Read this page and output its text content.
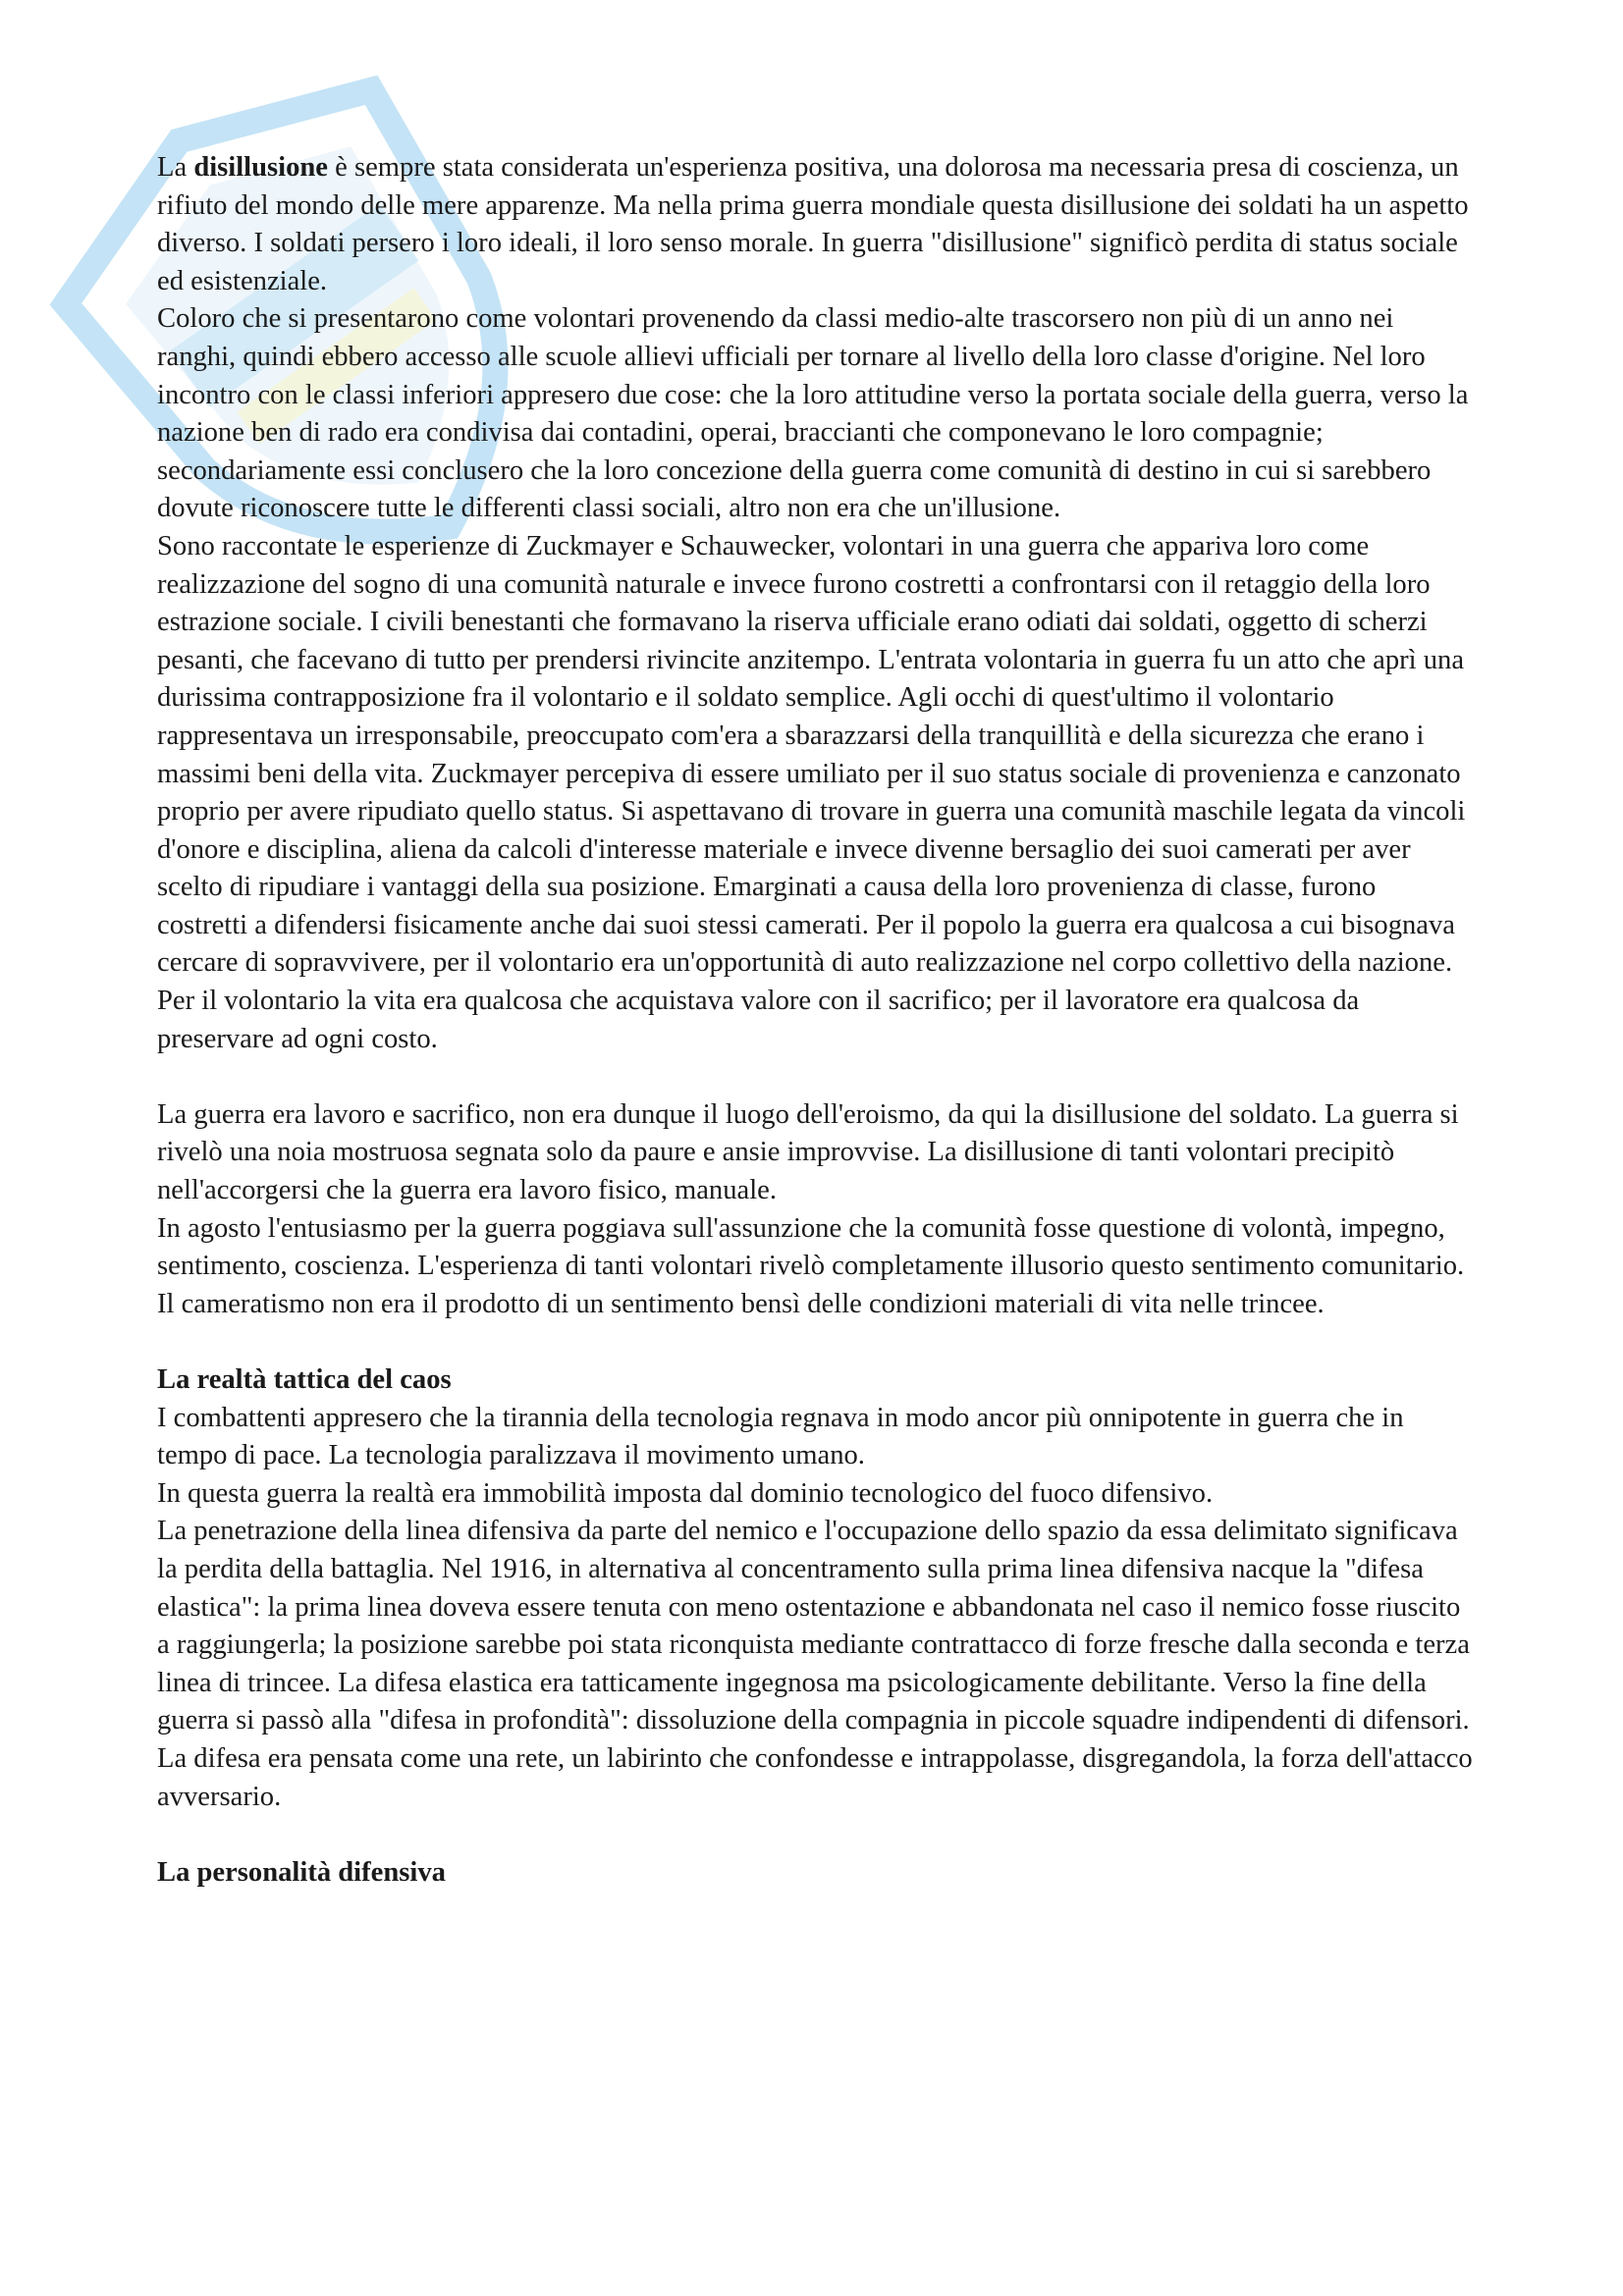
La disillusione è sempre stata considerata un'esperienza positiva, una dolorosa ma necessaria presa di coscienza, un rifiuto del mondo delle mere apparenze. Ma nella prima guerra mondiale questa disillusione dei soldati ha un aspetto diverso. I soldati persero i loro ideali, il loro senso morale. In guerra "disillusione" significò perdita di status sociale ed esistenziale.

Coloro che si presentarono come volontari provenendo da classi medio-alte trascorsero non più di un anno nei ranghi, quindi ebbero accesso alle scuole allievi ufficiali per tornare al livello della loro classe d'origine. Nel loro incontro con le classi inferiori appresero due cose: che la loro attitudine verso la portata sociale della guerra, verso la nazione ben di rado era condivisa dai contadini, operai, braccianti che componevano le loro compagnie; secondariamente essi conclusero che la loro concezione della guerra come comunità di destino in cui si sarebbero dovute riconoscere tutte le differenti classi sociali, altro non era che un'illusione.

Sono raccontate le esperienze di Zuckmayer e Schauwecker, volontari in una guerra che appariva loro come realizzazione del sogno di una comunità naturale e invece furono costretti a confrontarsi con il retaggio della loro estrazione sociale. I civili benestanti che formavano la riserva ufficiale erano odiati dai soldati, oggetto di scherzi pesanti, che facevano di tutto per prendersi rivincite anzitempo. L'entrata volontaria in guerra fu un atto che aprì una durissima contrapposizione fra il volontario e il soldato semplice. Agli occhi di quest'ultimo il volontario rappresentava un irresponsabile, preoccupato com'era a sbarazzarsi della tranquillità e della sicurezza che erano i massimi beni della vita. Zuckmayer percepiva di essere umiliato per il suo status sociale di provenienza e canzonato proprio per avere ripudiato quello status. Si aspettavano di trovare in guerra una comunità maschile legata da vincoli d'onore e disciplina, aliena da calcoli d'interesse materiale e invece divenne bersaglio dei suoi camerati per aver scelto di ripudiare i vantaggi della sua posizione. Emarginati a causa della loro provenienza di classe, furono costretti a difendersi fisicamente anche dai suoi stessi camerati. Per il popolo la guerra era qualcosa a cui bisognava cercare di sopravvivere, per il volontario era un'opportunità di auto realizzazione nel corpo collettivo della nazione. Per il volontario la vita era qualcosa che acquistava valore con il sacrifico; per il lavoratore era qualcosa da preservare ad ogni costo.

La guerra era lavoro e sacrifico, non era dunque il luogo dell'eroismo, da qui la disillusione del soldato. La guerra si rivelò una noia mostruosa segnata solo da paure e ansie improvvise. La disillusione di tanti volontari precipitò nell'accorgersi che la guerra era lavoro fisico, manuale.

In agosto l'entusiasmo per la guerra poggiava sull'assunzione che la comunità fosse questione di volontà, impegno, sentimento, coscienza. L'esperienza di tanti volontari rivelò completamente illusorio questo sentimento comunitario. Il cameratismo non era il prodotto di un sentimento bensì delle condizioni materiali di vita nelle trincee.

La realtà tattica del caos

I combattenti appresero che la tirannia della tecnologia regnava in modo ancor più onnipotente in guerra che in tempo di pace. La tecnologia paralizzava il movimento umano.

In questa guerra la realtà era immobilità imposta dal dominio tecnologico del fuoco difensivo.

La penetrazione della linea difensiva da parte del nemico e l'occupazione dello spazio da essa delimitato significava la perdita della battaglia. Nel 1916, in alternativa al concentramento sulla prima linea difensiva nacque la "difesa elastica": la prima linea doveva essere tenuta con meno ostentazione e abbandonata nel caso il nemico fosse riuscito a raggiungerla; la posizione sarebbe poi stata riconquista mediante contrattacco di forze fresche dalla seconda e terza linea di trincee. La difesa elastica era tatticamente ingegnosa ma psicologicamente debilitante. Verso la fine della guerra si passò alla "difesa in profondità": dissoluzione della compagnia in piccole squadre indipendenti di difensori. La difesa era pensata come una rete, un labirinto che confondesse e intrappolasse, disgregandola, la forza dell'attacco avversario.

La personalità difensiva
